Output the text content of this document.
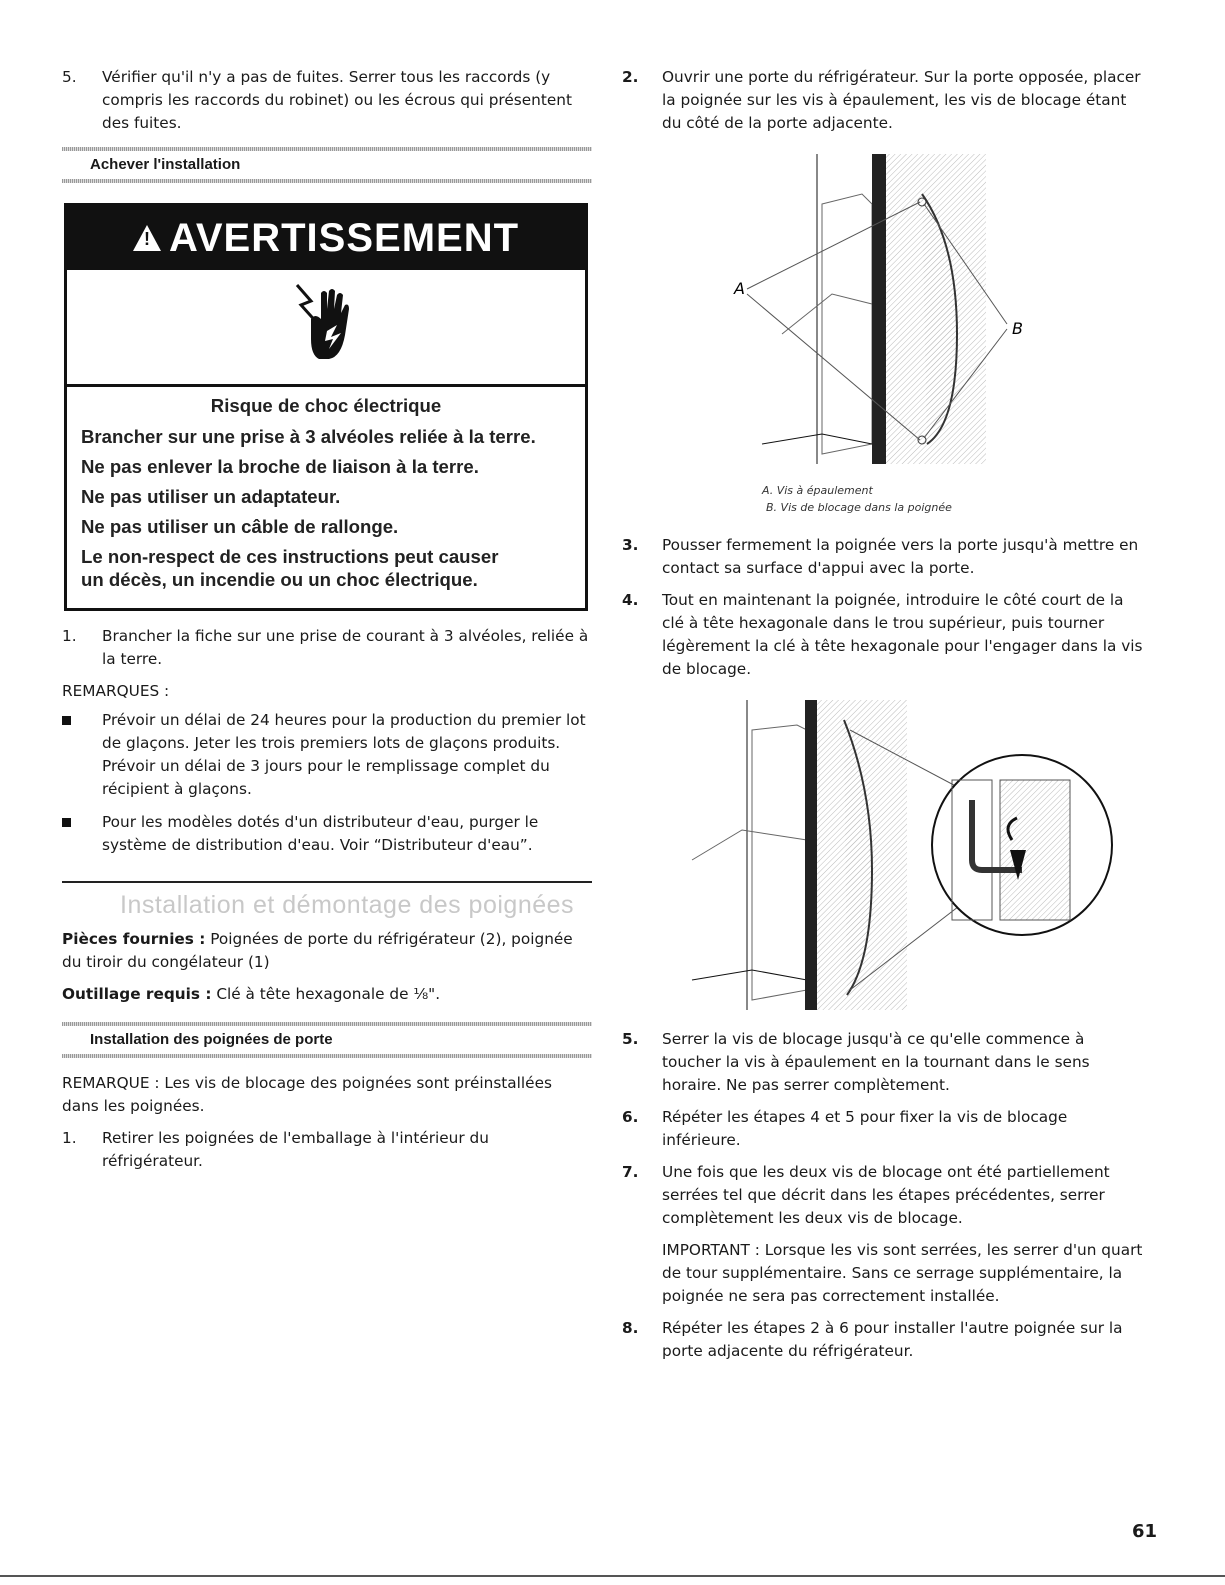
5.	Vérifier qu'il n'y a pas de fuites. Serrer tous les raccords (y compris les raccords du robinet) ou les écrous qui présentent des fuites.
Achever l'installation
!
AVERTISSEMENT

Risque de choc électrique

Brancher sur une prise à 3 alvéoles reliée à la terre.

Ne pas enlever la broche de liaison à la terre.

Ne pas utiliser un adaptateur.

Ne pas utiliser un câble de rallonge.

Le non-respect de ces instructions peut causer un décès, un incendie ou un choc électrique.

1.	Brancher la fiche sur une prise de courant à 3 alvéoles, reliée à la terre.

REMARQUES :

Prévoir un délai de 24 heures pour la production du premier lot de glaçons. Jeter les trois premiers lots de glaçons produits. Prévoir un délai de 3 jours pour le remplissage complet du récipient à glaçons.
Pour les modèles dotés d'un distributeur d'eau, purger le système de distribution d'eau. Voir “Distributeur d'eau”.
Installation et démontage des poignées

Pièces fournies : Poignées de porte du réfrigérateur (2), poignée du tiroir du congélateur (1)

Outillage requis : Clé à tête hexagonale de ⅛".

Installation des poignées de porte

REMARQUE : Les vis de blocage des poignées sont préinstallées dans les poignées.

1.	Retirer les poignées de l'emballage à l'intérieur du réfrigérateur.
2.	Ouvrir une porte du réfrigérateur. Sur la porte opposée, placer la poignée sur les vis à épaulement, les vis de blocage étant du côté de la porte adjacente.
A
B
A. Vis à épaulement
B. Vis de blocage dans la poignée
3.	Pousser fermement la poignée vers la porte jusqu'à mettre en contact sa surface d'appui avec la porte.
4.	Tout en maintenant la poignée, introduire le côté court de la clé à tête hexagonale dans le trou supérieur, puis tourner légèrement la clé à tête hexagonale pour l'engager dans la vis de blocage.
5.	Serrer la vis de blocage jusqu'à ce qu'elle commence à toucher la vis à épaulement en la tournant dans le sens horaire. Ne pas serrer complètement.
6.	Répéter les étapes 4 et 5 pour fixer la vis de blocage inférieure.
7.	Une fois que les deux vis de blocage ont été partiellement serrées tel que décrit dans les étapes précédentes, serrer complètement les deux vis de blocage.
IMPORTANT : Lorsque les vis sont serrées, les serrer d'un quart de tour supplémentaire. Sans ce serrage supplémentaire, la poignée ne sera pas correctement installée.
8.	Répéter les étapes 2 à 6 pour installer l'autre poignée sur la porte adjacente du réfrigérateur.
61
